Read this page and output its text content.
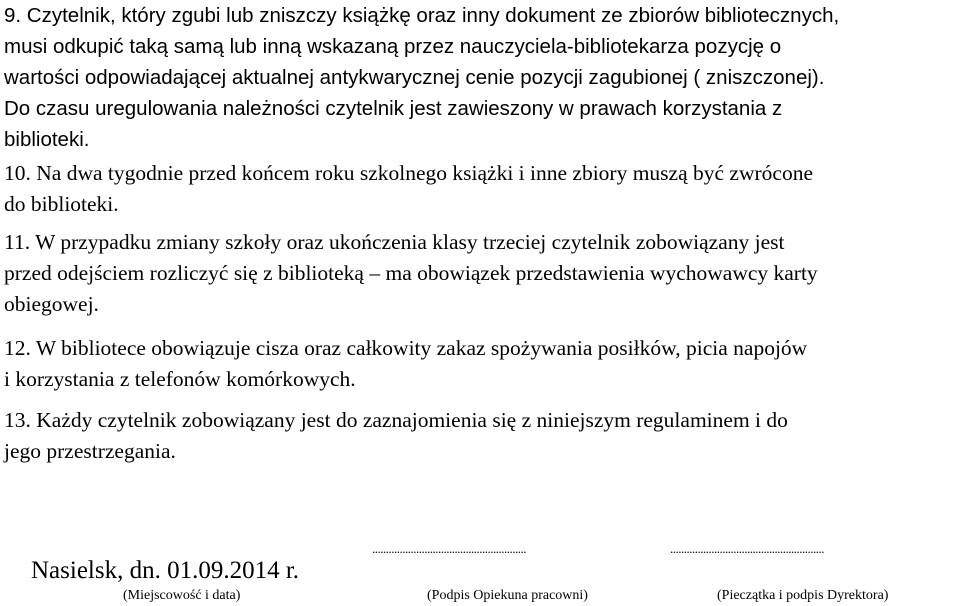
9. Czytelnik, który zgubi lub zniszczy książkę oraz inny dokument ze zbiorów bibliotecznych,
musi odkupić taką samą lub inną wskazaną przez nauczyciela-bibliotekarza pozycję o
wartości odpowiadającej aktualnej antykwarycznej cenie pozycji zagubionej ( zniszczonej).
Do czasu uregulowania należności czytelnik jest zawieszony w prawach korzystania z
biblioteki.
10. Na dwa tygodnie przed końcem roku szkolnego książki i inne zbiory muszą być zwrócone
do biblioteki.
11. W przypadku zmiany szkoły oraz ukończenia klasy trzeciej czytelnik zobowiązany jest
przed odejściem rozliczyć się z biblioteką – ma obowiązek przedstawienia wychowawcy karty
obiegowej.
12. W bibliotece obowiązuje cisza oraz całkowity zakaz spożywania posiłków, picia napojów
i korzystania z telefonów komórkowych.
13. Każdy czytelnik zobowiązany jest do zaznajomienia się z niniejszym regulaminem i do
jego przestrzegania.
Nasielsk, dn. 01.09.2014 r.
........................................................	........................................................
(Miejscowość i data)	(Podpis Opiekuna pracowni)	(Pieczątka i podpis Dyrektora)
